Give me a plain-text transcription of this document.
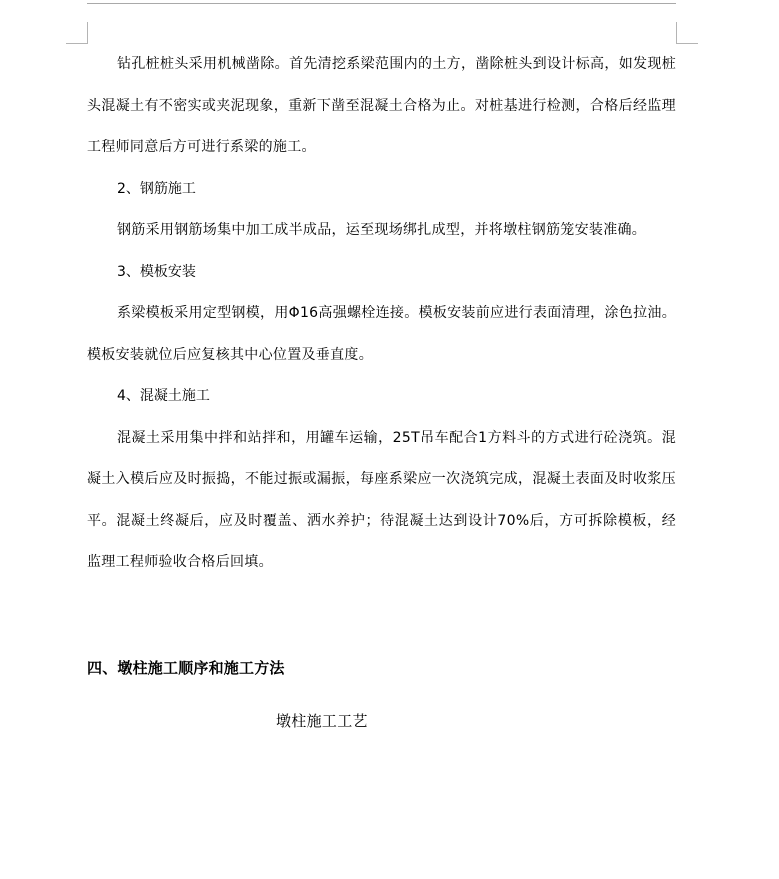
钻孔桩桩头采用机械凿除。首先清挖系梁范围内的土方，凿除桩头到设计标高，如发现桩头混凝土有不密实或夹泥现象，重新下凿至混凝土合格为止。对桩基进行检测，合格后经监理工程师同意后方可进行系梁的施工。

2、钢筋施工

钢筋采用钢筋场集中加工成半成品，运至现场绑扎成型，并将墩柱钢筋笼安装准确。

3、模板安装

系梁模板采用定型钢模，用Φ16高强螺栓连接。模板安装前应进行表面清理，涂色拉油。模板安装就位后应复核其中心位置及垂直度。

4、混凝土施工

混凝土采用集中拌和站拌和，用罐车运输，25T吊车配合1方料斗的方式进行砼浇筑。混凝土入模后应及时振捣，不能过振或漏振，每座系梁应一次浇筑完成，混凝土表面及时收浆压平。混凝土终凝后，应及时覆盖、洒水养护；待混凝土达到设计70%后，方可拆除模板，经监理工程师验收合格后回填。

四、墩柱施工顺序和施工方法
墩柱施工工艺
